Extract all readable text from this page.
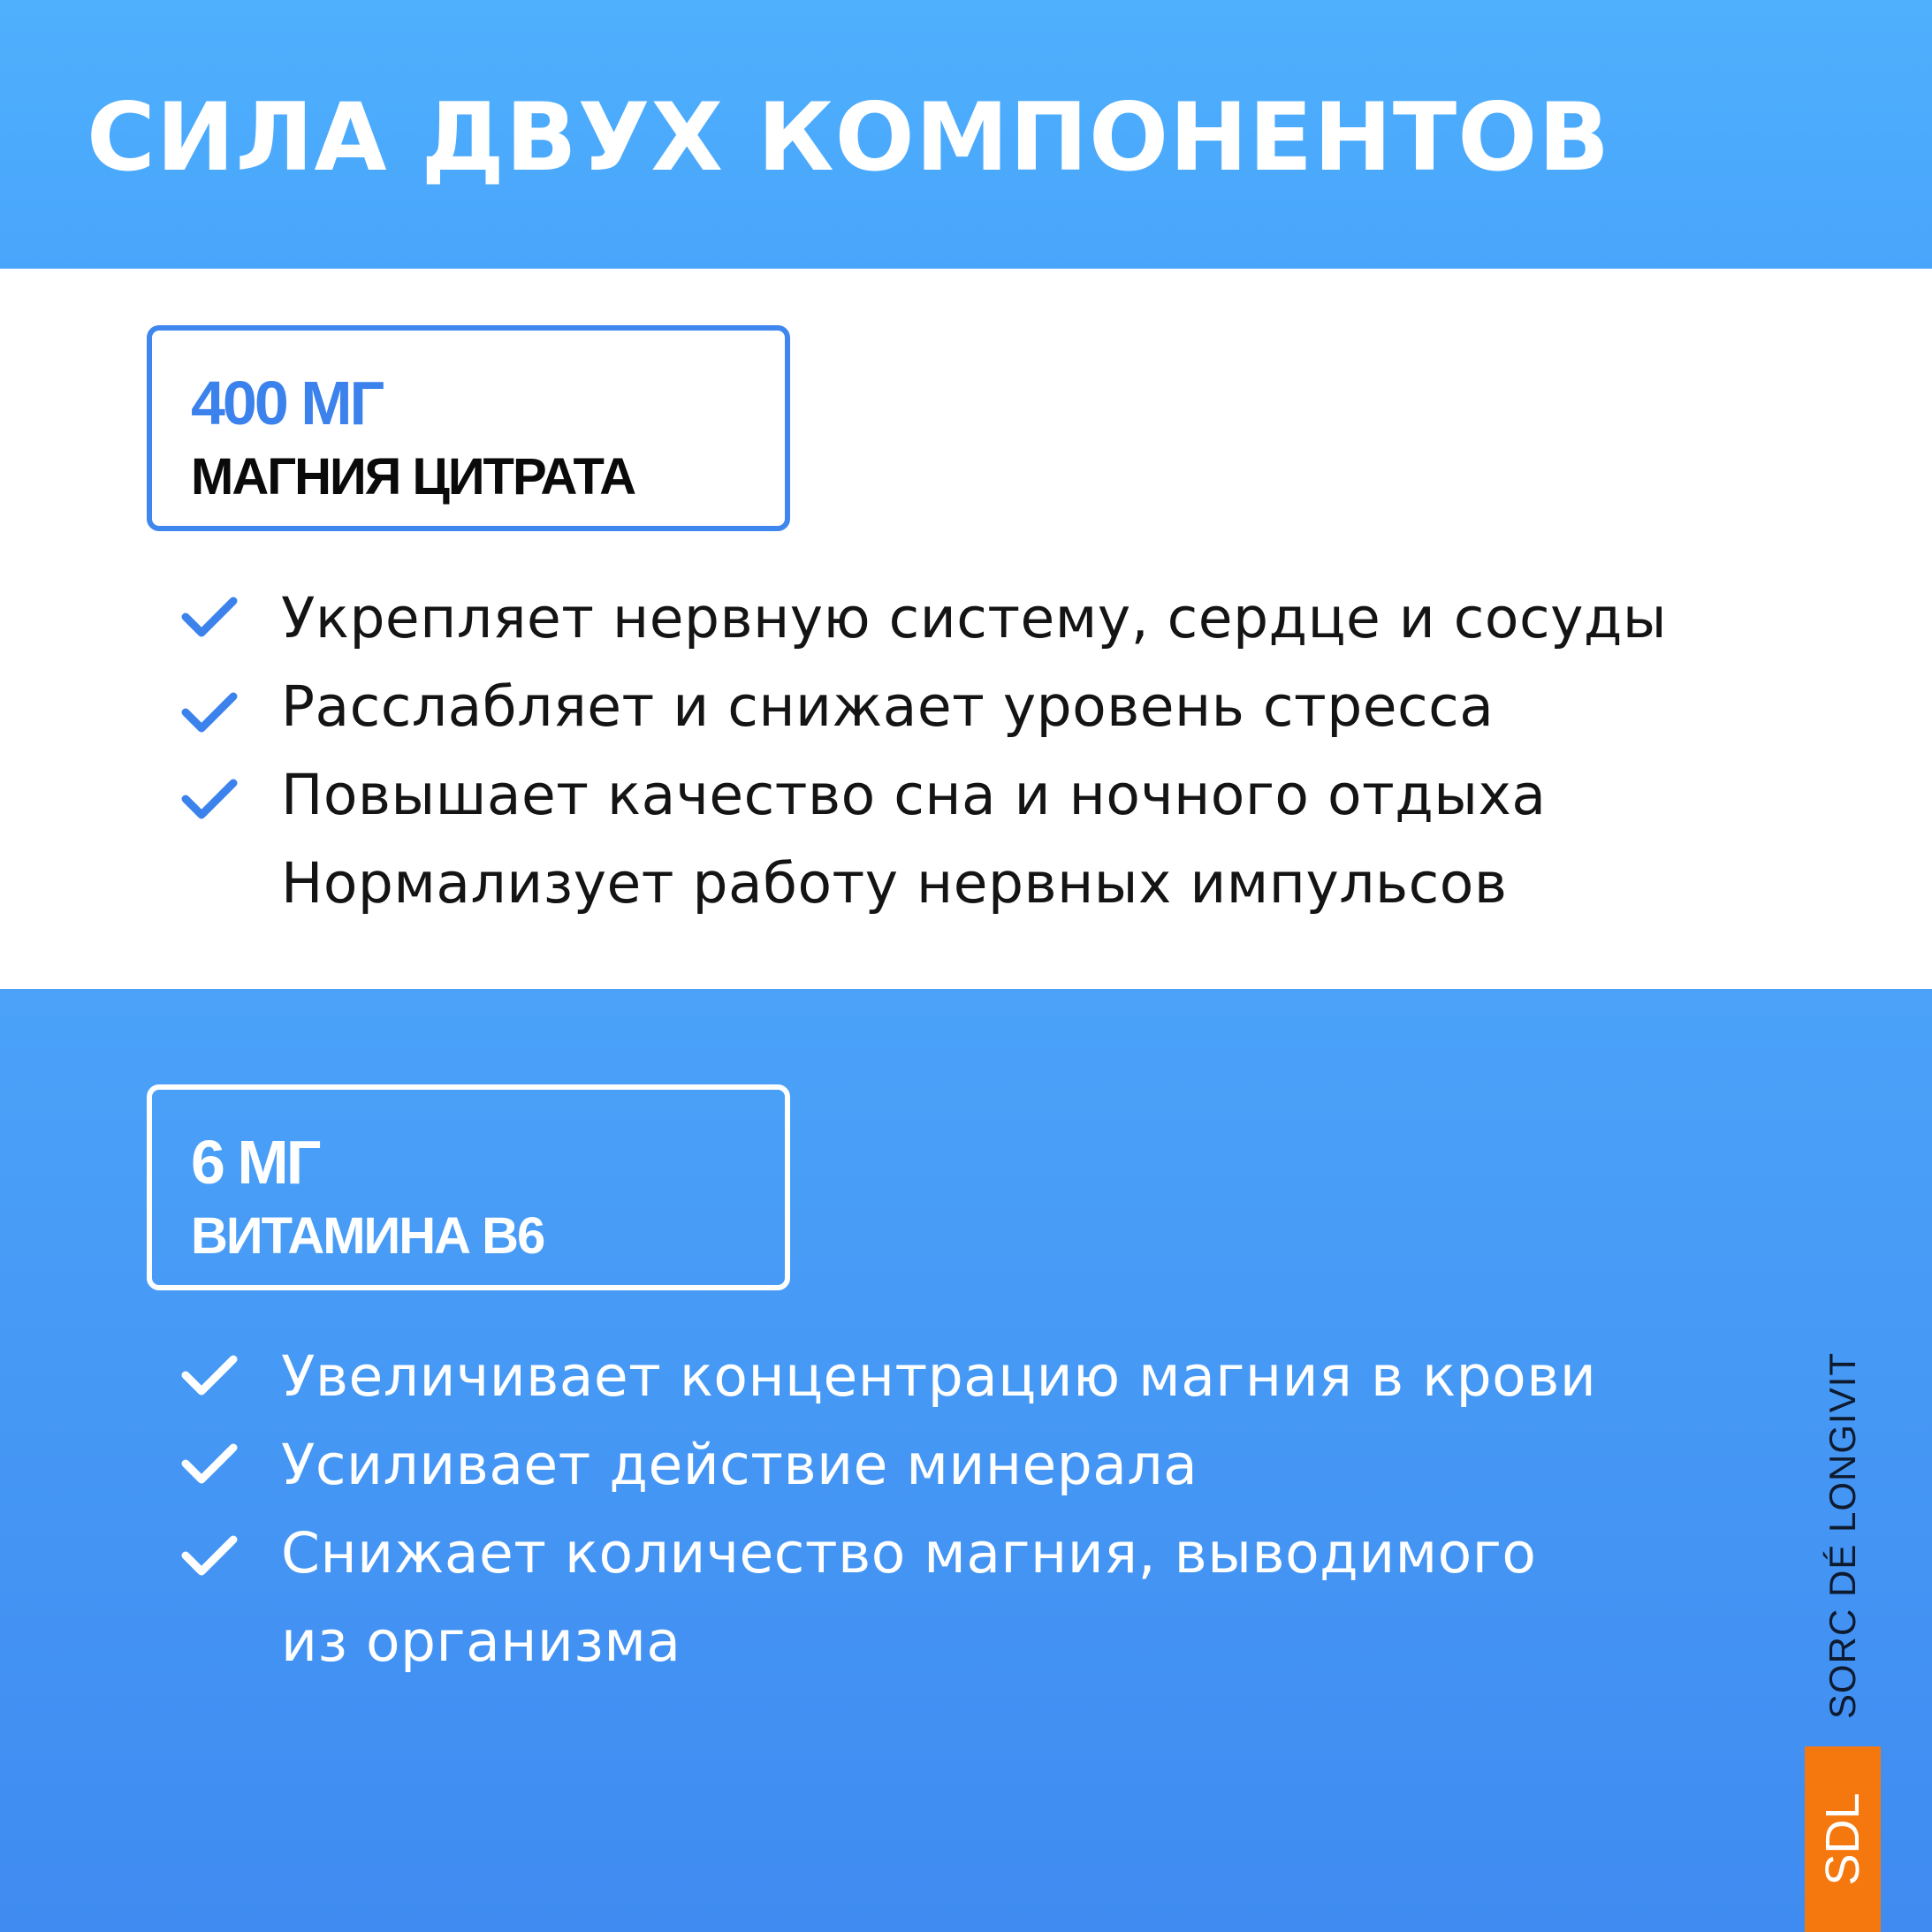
СИЛА ДВУХ КОМПОНЕНТОВ
400 МГ
МАГНИЯ ЦИТРАТА
Укрепляет нервную систему, сердце и сосуды
Расслабляет и снижает уровень стресса
Повышает качество сна и ночного отдыха
Нормализует работу нервных импульсов
6 МГ
ВИТАМИНА B6
Увеличивает концентрацию магния в крови
Усиливает действие минерала
Снижает количество магния, выводимого
из организма	SORC DÉ LONGIVIT
SDL
